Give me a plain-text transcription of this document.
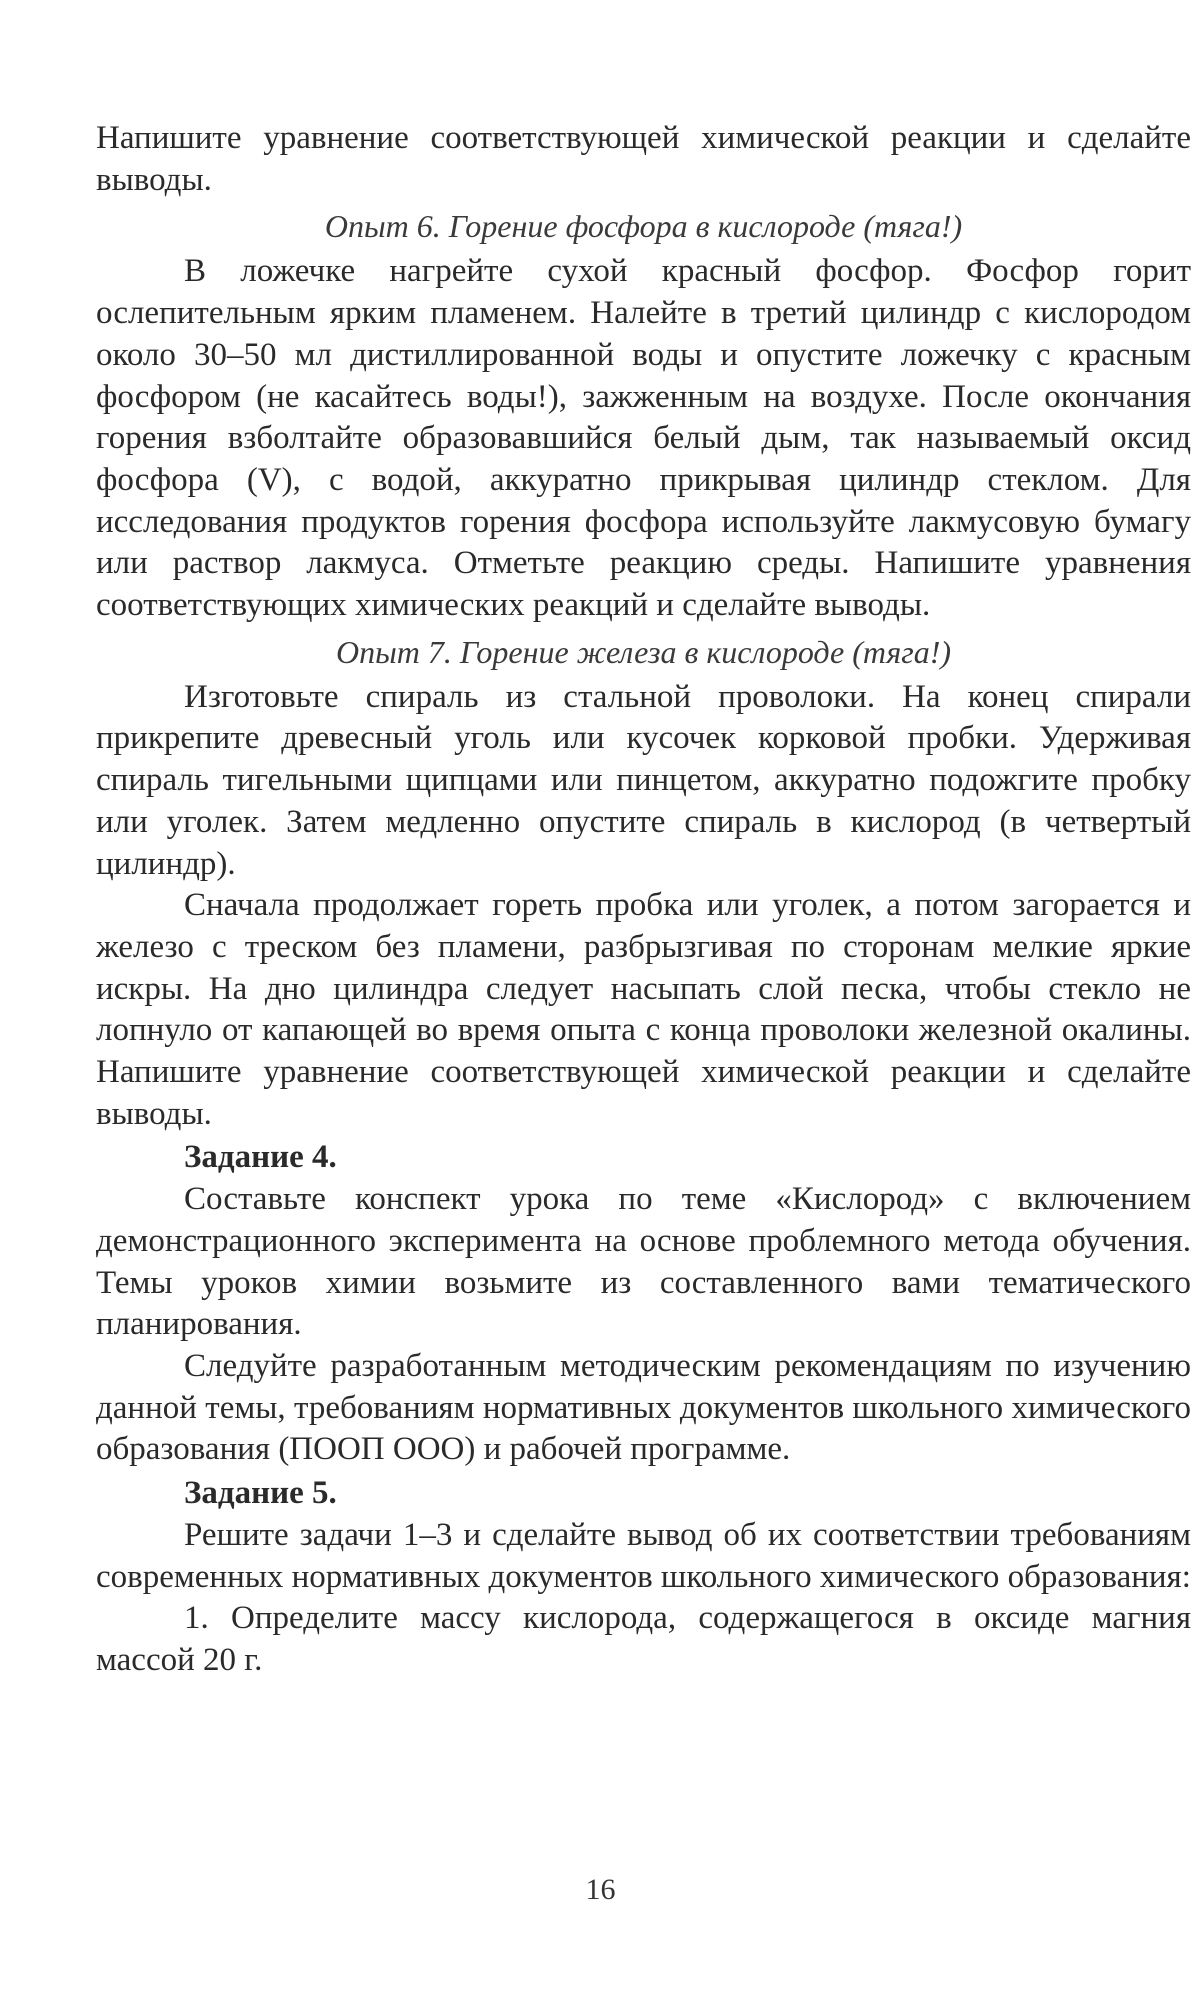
Напишите уравнение соответствующей химической реакции и сделайте выводы.

Опыт 6. Горение фосфора в кислороде (тяга!)

В ложечке нагрейте сухой красный фосфор. Фосфор горит ослепительным ярким пламенем. Налейте в третий цилиндр с кислородом около 30–50 мл дистиллированной воды и опустите ложечку с красным фосфором (не касайтесь воды!), зажженным на воздухе. После окончания горения взболтайте образовавшийся белый дым, так называемый оксид фосфора (V), с водой, аккуратно прикрывая цилиндр стеклом. Для исследования продуктов горения фосфора используйте лакмусовую бумагу или раствор лакмуса. Отметьте реакцию среды. Напишите уравнения соответствующих химических реакций и сделайте выводы.

Опыт 7. Горение железа в кислороде (тяга!)

Изготовьте спираль из стальной проволоки. На конец спирали прикрепите древесный уголь или кусочек корковой пробки. Удерживая спираль тигельными щипцами или пинцетом, аккуратно подожгите пробку или уголек. Затем медленно опустите спираль в кислород (в четвертый цилиндр).

Сначала продолжает гореть пробка или уголек, а потом загорается и железо с треском без пламени, разбрызгивая по сторонам мелкие яркие искры. На дно цилиндра следует насыпать слой песка, чтобы стекло не лопнуло от капающей во время опыта с конца проволоки железной окалины. Напишите уравнение соответствующей химической реакции и сделайте выводы.

Задание 4.

Составьте конспект урока по теме «Кислород» с включением демонстрационного эксперимента на основе проблемного метода обучения. Темы уроков химии возьмите из составленного вами тематического планирования.

Следуйте разработанным методическим рекомендациям по изучению данной темы, требованиям нормативных документов школьного химического образования (ПООП ООО) и рабочей программе.

Задание 5.

Решите задачи 1–3 и сделайте вывод об их соответствии требованиям современных нормативных документов школьного химического образования:

1. Определите массу кислорода, содержащегося в оксиде магния массой 20 г.

16
